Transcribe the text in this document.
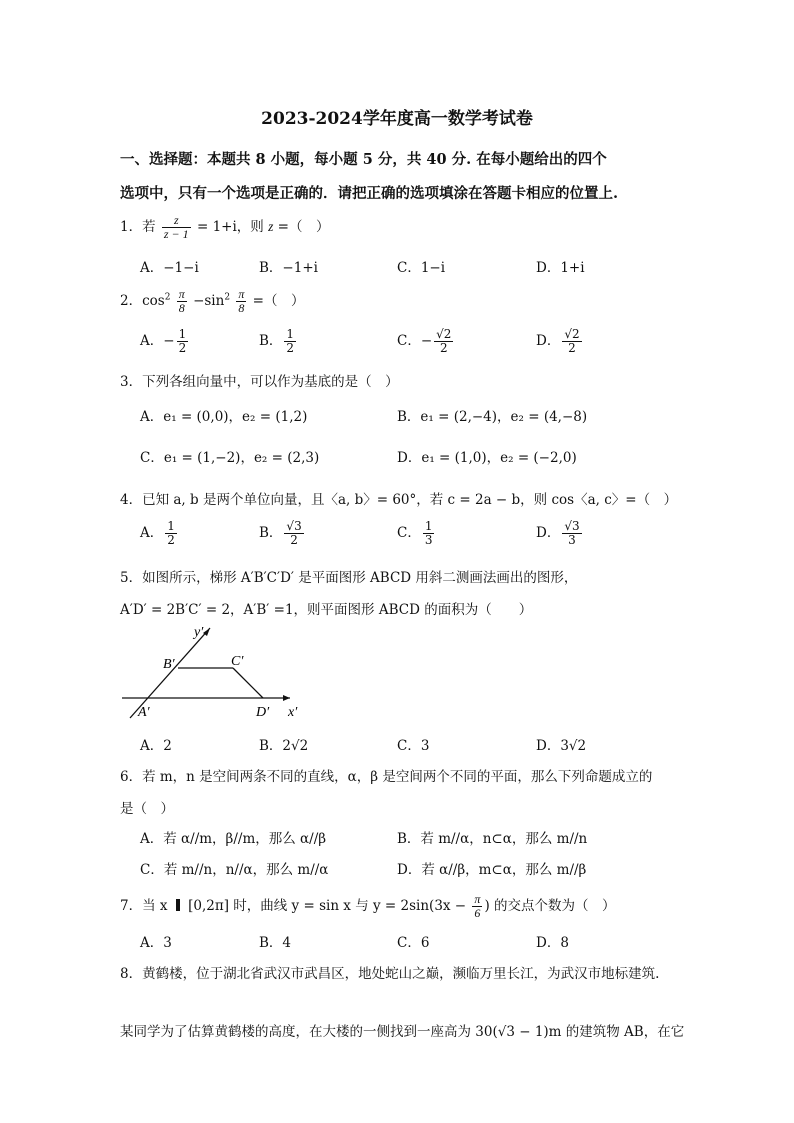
2023-2024学年度高一数学考试卷
一、选择题：本题共 8 小题，每小题 5 分，共 40 分. 在每小题给出的四个
选项中，只有一个选项是正确的．请把正确的选项填涂在答题卡相应的位置上.
1．若 $\frac{z}{z - 1} = 1+i$，则 z =（　）
A．−1−i	B．−1+i	C．1−i	D．1+i
2．$\cos^2 \frac{\pi}{8} -\sin^2 \frac{\pi}{8}$ =（　）
A．− $\frac{1}{2}$	B． $\frac{1}{2}$	C．− $\frac{√2}{2}$	D． $\frac{√2}{2}$
3．下列各组向量中，可以作为基底的是（　）
A．e₁ = (0,0)，e₂ = (1,2)	B．e₁ = (2,−4)，e₂ = (4,−8)
C．e₁ = (1,−2)，e₂ = (2,3)	D．e₁ = (1,0)，e₂ = (−2,0)
4．已知 a, b 是两个单位向量，且〈a, b〉= 60°，若 c = 2a − b，则 cos〈a, c〉=（　）
A． $\frac{1}{2}$	B． $\frac{√3}{2}$	C． $\frac{1}{3}$	D． $\frac{√3}{3}$
5．如图所示，梯形 A′B′C′D′ 是平面图形 ABCD 用斜二测画法画出的图形，
A′D′ = 2B′C′ = 2，A′B′ =1，则平面图形 ABCD 的面积为（　　）
y′
x′
A′
B′	C′
D′
A．2	B．2√2	C．3	D．3√2
6．若 m，n 是空间两条不同的直线，α，β 是空间两个不同的平面，那么下列命题成立的
是（　）
A．若 α//m，β//m，那么 α//β	B．若 m//α，n⊂α，那么 m//n
C．若 m//n，n//α，那么 m//α	D．若 α//β，m⊂α，那么 m//β
7．当 x [0,2π] 时，曲线 y = sin x 与 $y = 2\sin(3x - \frac{\pi}{6}$ ) 的交点个数为（　）
A．3	B．4	C．6	D．8
8．黄鹤楼，位于湖北省武汉市武昌区，地处蛇山之巅，濒临万里长江，为武汉市地标建筑.
某同学为了估算黄鹤楼的高度，在大楼的一侧找到一座高为 30(√3 − 1)m 的建筑物 AB，在它
